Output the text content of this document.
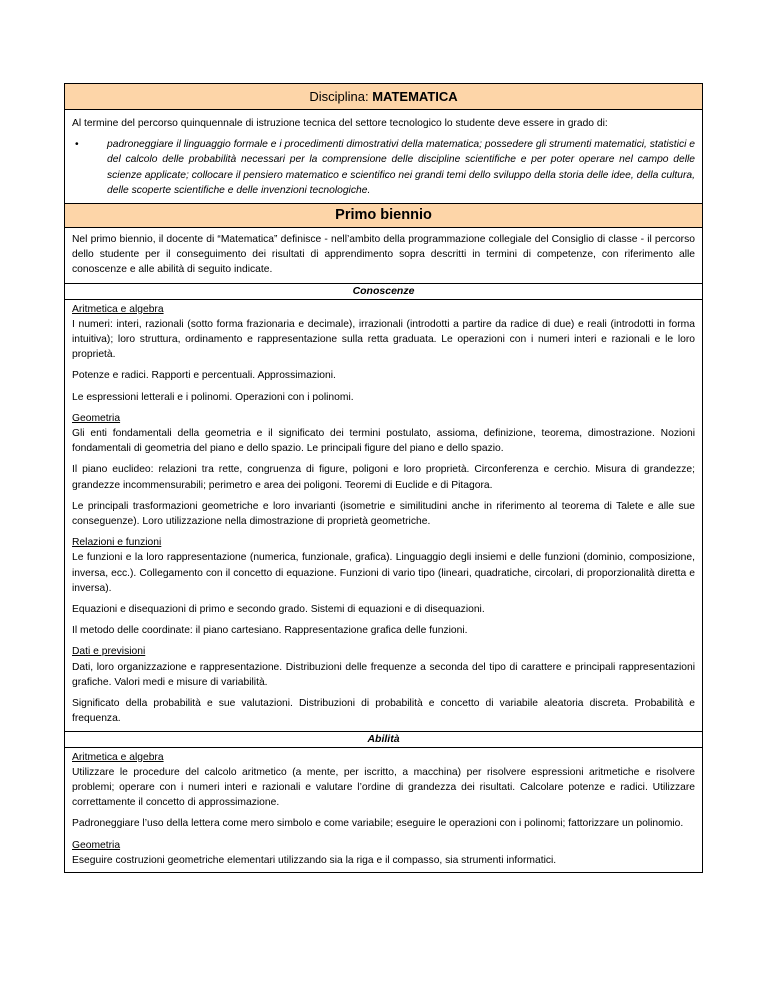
Disciplina: MATEMATICA

Al termine del percorso quinquennale di istruzione tecnica del settore tecnologico lo studente deve essere in grado di:

•	padroneggiare il linguaggio formale e i procedimenti dimostrativi della matematica; possedere gli strumenti matematici, statistici e del calcolo delle probabilità necessari per la comprensione delle discipline scientifiche e per poter operare nel campo delle scienze applicate; collocare il pensiero matematico e scientifico nei grandi temi dello sviluppo della storia delle idee, della cultura, delle scoperte scientifiche e delle invenzioni tecnologiche.
Primo biennio

Nel primo biennio, il docente di “Matematica” definisce - nell’ambito della programmazione collegiale del Consiglio di classe - il percorso dello studente per il conseguimento dei risultati di apprendimento sopra descritti in termini di competenze, con riferimento alle conoscenze e alle abilità di seguito indicate.

Conoscenze

Aritmetica e algebra

I numeri: interi, razionali (sotto forma frazionaria e decimale), irrazionali (introdotti a partire da radice di due) e reali (introdotti in forma intuitiva); loro struttura, ordinamento e rappresentazione sulla retta graduata. Le operazioni con i numeri interi e razionali e le loro proprietà.

Potenze e radici. Rapporti e percentuali. Approssimazioni.

Le espressioni letterali e i polinomi. Operazioni con i polinomi.

Geometria

Gli enti fondamentali della geometria e il significato dei termini postulato, assioma, definizione, teorema, dimostrazione. Nozioni fondamentali di geometria del piano e dello spazio. Le principali figure del piano e dello spazio.

Il piano euclideo: relazioni tra rette, congruenza di figure, poligoni e loro proprietà. Circonferenza e cerchio. Misura di grandezze; grandezze incommensurabili; perimetro e area dei poligoni. Teoremi di Euclide e di Pitagora.

Le principali trasformazioni geometriche e loro invarianti (isometrie e similitudini anche in riferimento al teorema di Talete e alle sue conseguenze). Loro utilizzazione nella dimostrazione di proprietà geometriche.

Relazioni e funzioni

Le funzioni e la loro rappresentazione (numerica, funzionale, grafica). Linguaggio degli insiemi e delle funzioni (dominio, composizione, inversa, ecc.). Collegamento con il concetto di equazione. Funzioni di vario tipo (lineari, quadratiche, circolari, di proporzionalità diretta e inversa).

Equazioni e disequazioni di primo e secondo grado. Sistemi di equazioni e di disequazioni.

Il metodo delle coordinate: il piano cartesiano. Rappresentazione grafica delle funzioni.

Dati e previsioni

Dati, loro organizzazione e rappresentazione. Distribuzioni delle frequenze a seconda del tipo di carattere e principali rappresentazioni grafiche. Valori medi e misure di variabilità.

Significato della probabilità e sue valutazioni. Distribuzioni di probabilità e concetto di variabile aleatoria discreta. Probabilità e frequenza.

Abilità

Aritmetica e algebra

Utilizzare le procedure del calcolo aritmetico (a mente, per iscritto, a macchina) per risolvere espressioni aritmetiche e risolvere problemi; operare con i numeri interi e razionali e valutare l’ordine di grandezza dei risultati. Calcolare potenze e radici. Utilizzare correttamente il concetto di approssimazione.

Padroneggiare l’uso della lettera come mero simbolo e come variabile; eseguire le operazioni con i polinomi; fattorizzare un polinomio.

Geometria

Eseguire costruzioni geometriche elementari utilizzando sia la riga e il compasso, sia strumenti informatici.
